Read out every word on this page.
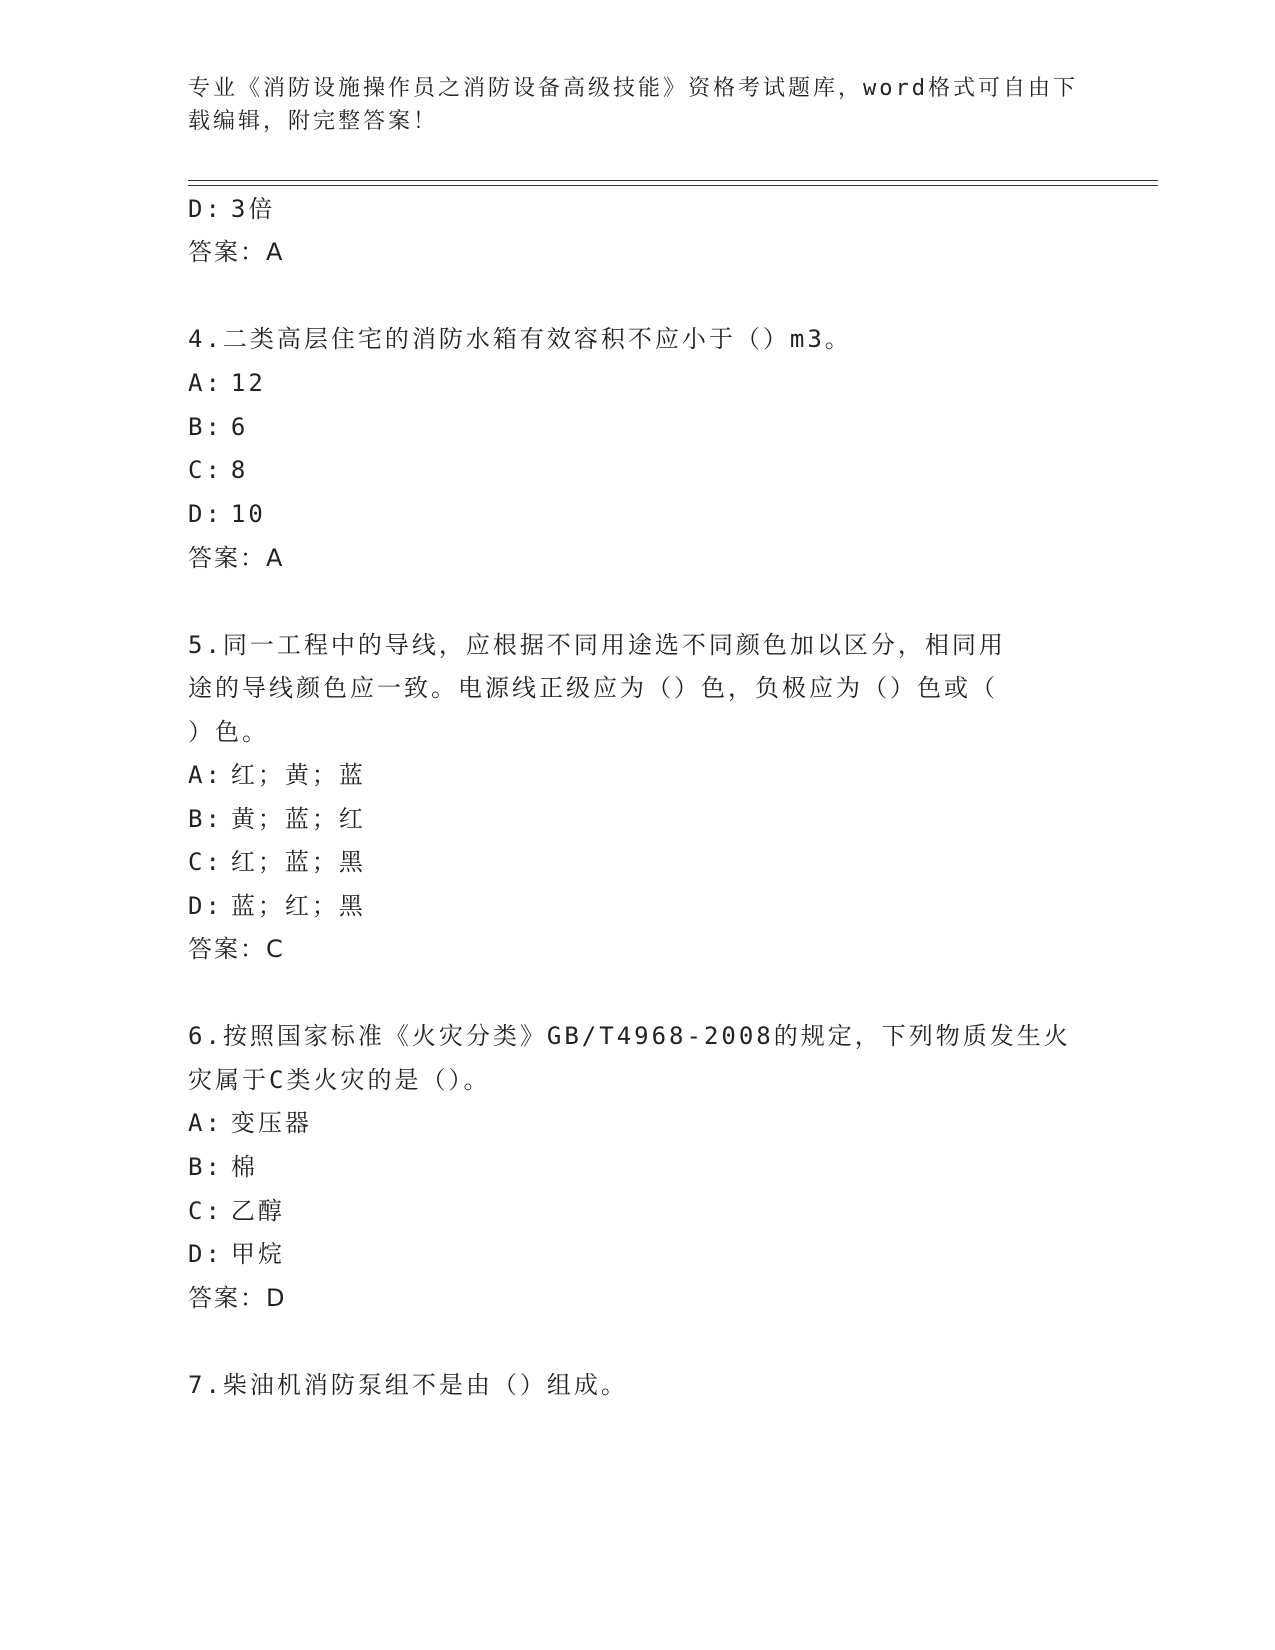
专业《消防设施操作员之消防设备高级技能》资格考试题库，word格式可自由下载编辑，附完整答案！
D: 3倍
答案：A
4.二类高层住宅的消防水箱有效容积不应小于（）m3。
A: 12
B: 6
C: 8
D: 10
答案：A
5.同一工程中的导线，应根据不同用途选不同颜色加以区分，相同用
途的导线颜色应一致。电源线正级应为（）色，负极应为（）色或（
）色。
A: 红；黄；蓝
B: 黄；蓝；红
C: 红；蓝；黑
D: 蓝；红；黑
答案：C
6.按照国家标准《火灾分类》GB/T4968-2008的规定，下列物质发生火
灾属于C类火灾的是（）。
A: 变压器
B: 棉
C: 乙醇
D: 甲烷
答案：D
7.柴油机消防泵组不是由（）组成。
